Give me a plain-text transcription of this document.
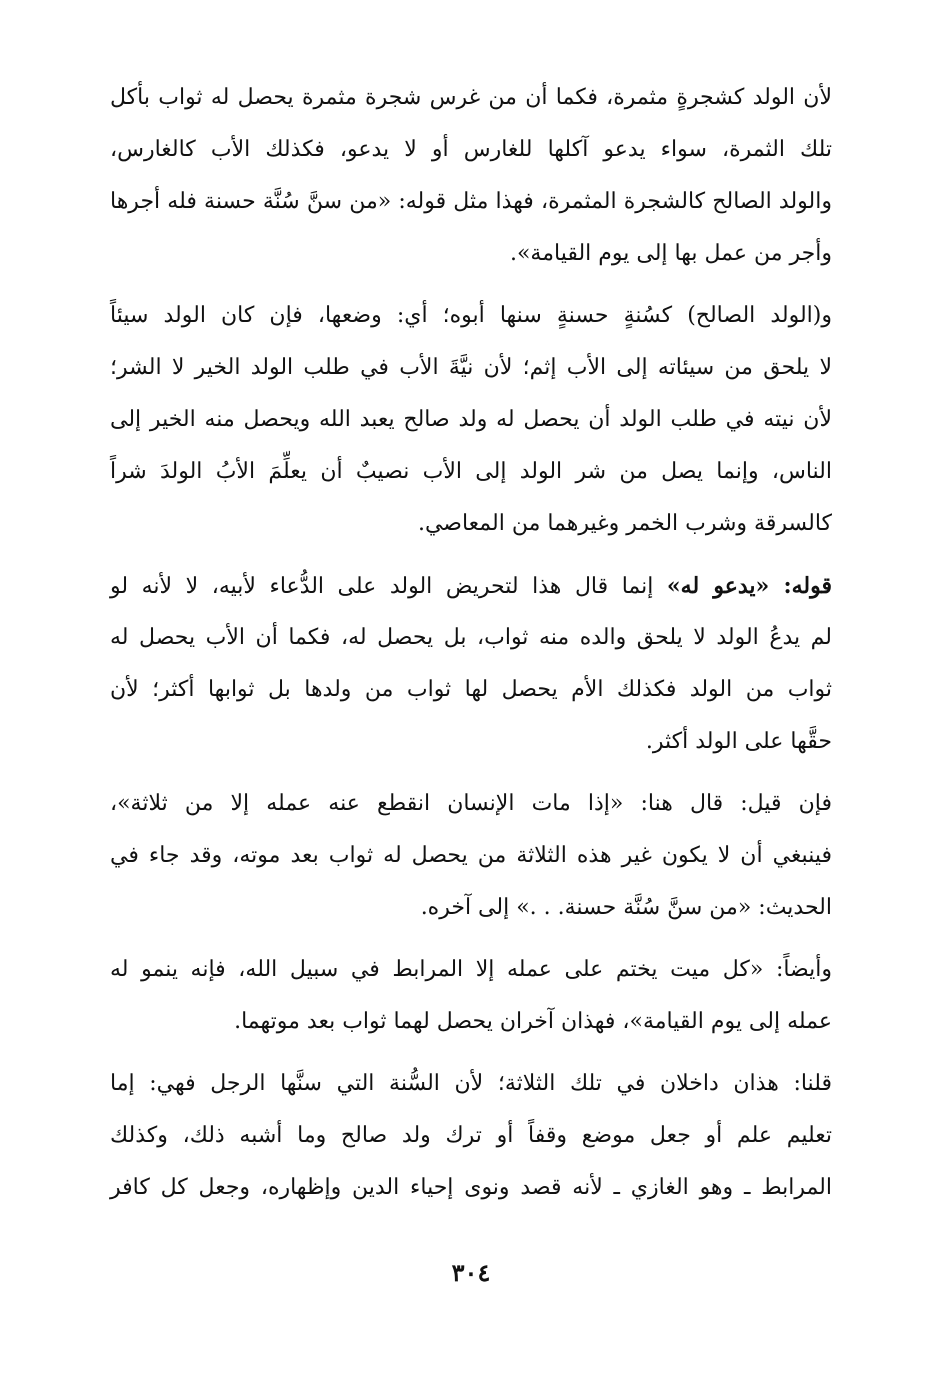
لأن الولد كشجرةٍ مثمرة، فكما أن من غرس شجرة مثمرة يحصل له ثواب بأكل
تلك الثمرة، سواء يدعو آكلها للغارس أو لا يدعو، فكذلك الأب كالغارس،
والولد الصالح كالشجرة المثمرة، فهذا مثل قوله: «من سنَّ سُنَّة حسنة فله أجرها
وأجر من عمل بها إلى يوم القيامة».
و(الولد الصالح) كسُنةٍ حسنةٍ سنها أبوه؛ أي: وضعها، فإن كان الولد سيئاً
لا يلحق من سيئاته إلى الأب إثم؛ لأن نيَّةَ الأب في طلب الولد الخير لا الشر؛
لأن نيته في طلب الولد أن يحصل له ولد صالح يعبد الله ويحصل منه الخير إلى
الناس، وإنما يصل من شر الولد إلى الأب نصيبٌ أن يعلِّمَ الأبُ الولدَ شراً
كالسرقة وشرب الخمر وغيرهما من المعاصي.
قوله: «يدعو له» إنما قال هذا لتحريض الولد على الدُّعاء لأبيه، لا لأنه لو
لم يدعُ الولد لا يلحق والده منه ثواب، بل يحصل له، فكما أن الأب يحصل له
ثواب من الولد فكذلك الأم يحصل لها ثواب من ولدها بل ثوابها أكثر؛ لأن
حقَّها على الولد أكثر.
فإن قيل: قال هنا: «إذا مات الإنسان انقطع عنه عمله إلا من ثلاثة»،
فينبغي أن لا يكون غير هذه الثلاثة من يحصل له ثواب بعد موته، وقد جاء في
الحديث: «من سنَّ سُنَّة حسنة. . .» إلى آخره.
وأيضاً: «كل ميت يختم على عمله إلا المرابط في سبيل الله، فإنه ينمو له
عمله إلى يوم القيامة»، فهذان آخران يحصل لهما ثواب بعد موتهما.
قلنا: هذان داخلان في تلك الثلاثة؛ لأن السُّنة التي سنَّها الرجل فهي: إما
تعليم علم أو جعل موضع وقفاً أو ترك ولد صالح وما أشبه ذلك، وكذلك
المرابط ـ وهو الغازي ـ لأنه قصد ونوى إحياء الدين وإظهاره، وجعل كل كافر
٣٠٤
